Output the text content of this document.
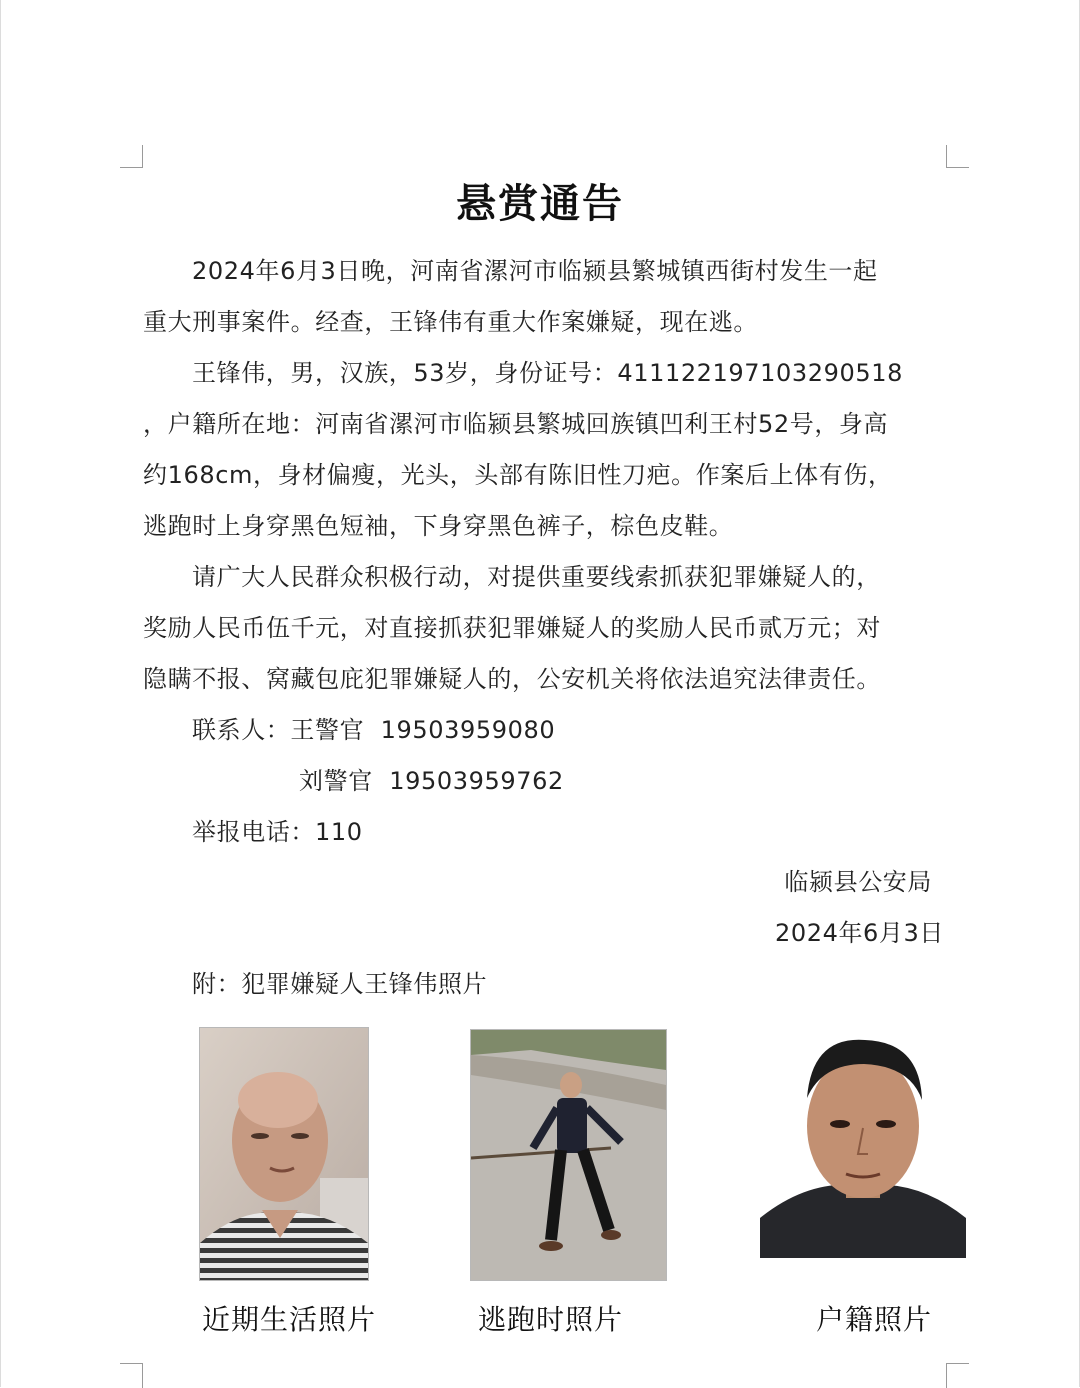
悬赏通告
2024年6月3日晚，河南省漯河市临颍县繁城镇西街村发生一起
重大刑事案件。经查，王锋伟有重大作案嫌疑，现在逃。
王锋伟，男，汉族，53岁，身份证号：411122197103290518
，户籍所在地：河南省漯河市临颍县繁城回族镇凹利王村52号，身高
约168cm，身材偏瘦，光头，头部有陈旧性刀疤。作案后上体有伤，
逃跑时上身穿黑色短袖，下身穿黑色裤子，棕色皮鞋。
请广大人民群众积极行动，对提供重要线索抓获犯罪嫌疑人的，
奖励人民币伍千元，对直接抓获犯罪嫌疑人的奖励人民币贰万元；对
隐瞒不报、窝藏包庇犯罪嫌疑人的，公安机关将依法追究法律责任。
联系人：王警官  19503959080
刘警官  19503959762
举报电话：110
临颍县公安局
2024年6月3日
附：犯罪嫌疑人王锋伟照片
近期生活照片	逃跑时照片	户籍照片
